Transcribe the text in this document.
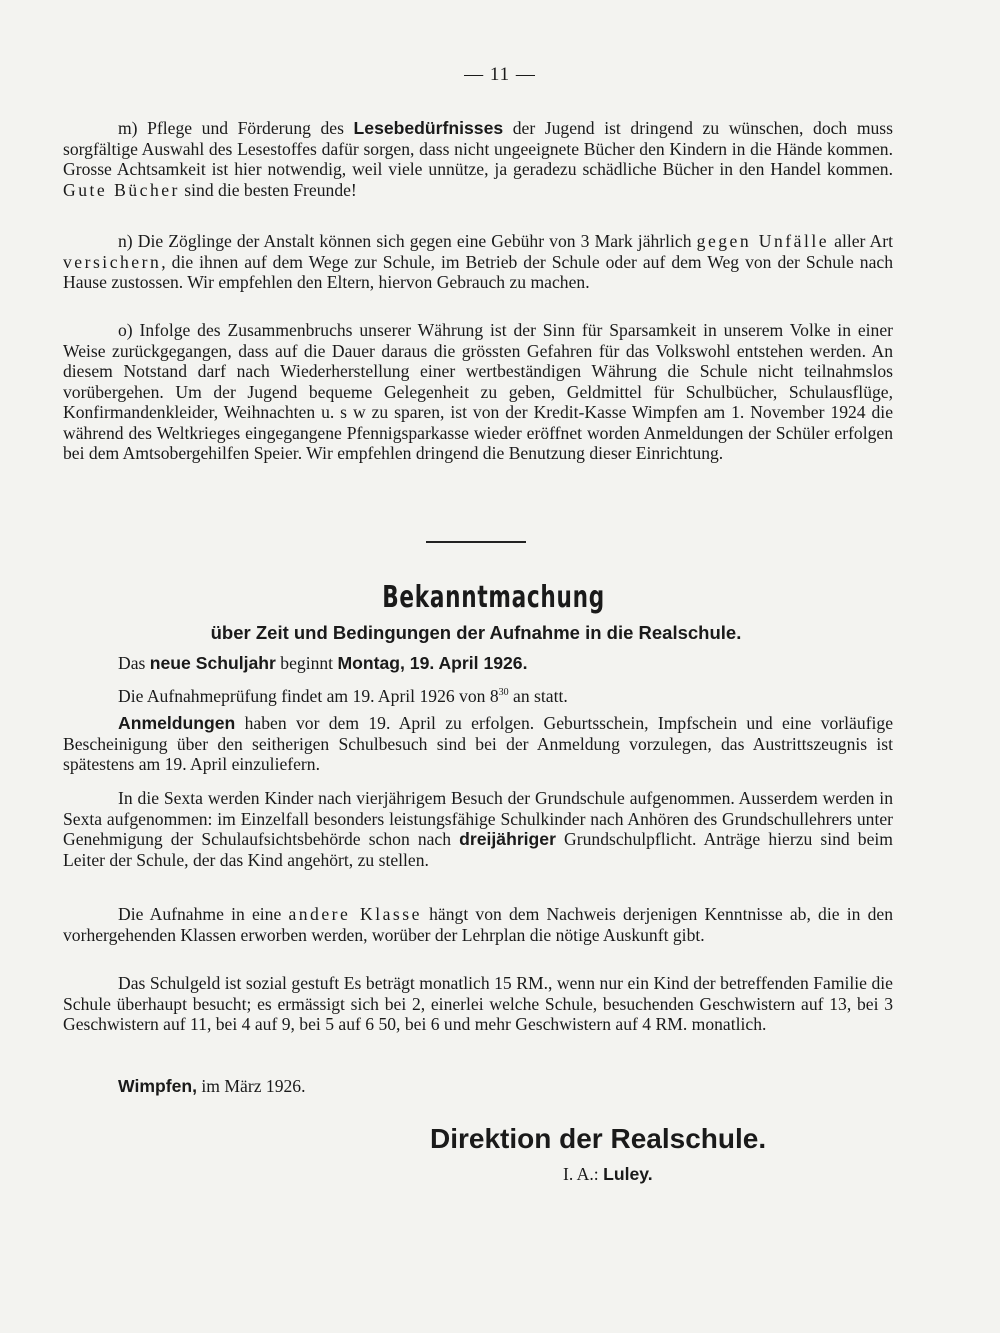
— 11 —

m) Pflege und Förderung des Lesebedürfnisses der Jugend ist dringend zu wünschen, doch muss sorgfältige Auswahl des Lesestoffes dafür sorgen, dass nicht ungeeignete Bücher den Kindern in die Hände kommen. Grosse Achtsamkeit ist hier notwendig, weil viele unnütze, ja geradezu schädliche Bücher in den Handel kommen. Gute Bücher sind die besten Freunde!

n) Die Zöglinge der Anstalt können sich gegen eine Gebühr von 3 Mark jährlich gegen Unfälle aller Art versichern, die ihnen auf dem Wege zur Schule, im Betrieb der Schule oder auf dem Weg von der Schule nach Hause zustossen. Wir empfehlen den Eltern, hiervon Gebrauch zu machen.

o) Infolge des Zusammenbruchs unserer Währung ist der Sinn für Sparsamkeit in unserem Volke in einer Weise zurückgegangen, dass auf die Dauer daraus die grössten Gefahren für das Volkswohl entstehen werden. An diesem Notstand darf nach Wiederherstellung einer wertbeständigen Währung die Schule nicht teilnahmslos vorübergehen. Um der Jugend bequeme Gelegenheit zu geben, Geldmittel für Schulbücher, Schulausflüge, Konfirmandenkleider, Weihnachten u. s w zu sparen, ist von der Kredit-Kasse Wimpfen am 1. November 1924 die während des Weltkrieges eingegangene Pfennigsparkasse wieder eröffnet worden Anmeldungen der Schüler erfolgen bei dem Amtsobergehilfen Speier. Wir empfehlen dringend die Benutzung dieser Einrichtung.

Bekanntmachung
über Zeit und Bedingungen der Aufnahme in die Realschule.

Das neue Schuljahr beginnt Montag, 19. April 1926.

Die Aufnahmeprüfung findet am 19. April 1926 von $8^{30}$ an statt.

Anmeldungen haben vor dem 19. April zu erfolgen. Geburtsschein, Impfschein und eine vorläufige Bescheinigung über den seitherigen Schulbesuch sind bei der Anmeldung vorzulegen, das Austrittszeugnis ist spätestens am 19. April einzuliefern.

In die Sexta werden Kinder nach vierjährigem Besuch der Grundschule aufgenommen. Ausserdem werden in Sexta aufgenommen: im Einzelfall besonders leistungsfähige Schulkinder nach Anhören des Grundschullehrers unter Genehmigung der Schulaufsichtsbehörde schon nach dreijähriger Grundschulpflicht. Anträge hierzu sind beim Leiter der Schule, der das Kind angehört, zu stellen.

Die Aufnahme in eine andere Klasse hängt von dem Nachweis derjenigen Kenntnisse ab, die in den vorhergehenden Klassen erworben werden, worüber der Lehrplan die nötige Auskunft gibt.

Das Schulgeld ist sozial gestuft Es beträgt monatlich 15 RM., wenn nur ein Kind der betreffenden Familie die Schule überhaupt besucht; es ermässigt sich bei 2, einerlei welche Schule, besuchenden Geschwistern auf 13, bei 3 Geschwistern auf 11, bei 4 auf 9, bei 5 auf 6 50, bei 6 und mehr Geschwistern auf 4 RM. monatlich.

Wimpfen, im März 1926.
Direktion der Realschule.
I. A.: Luley.
